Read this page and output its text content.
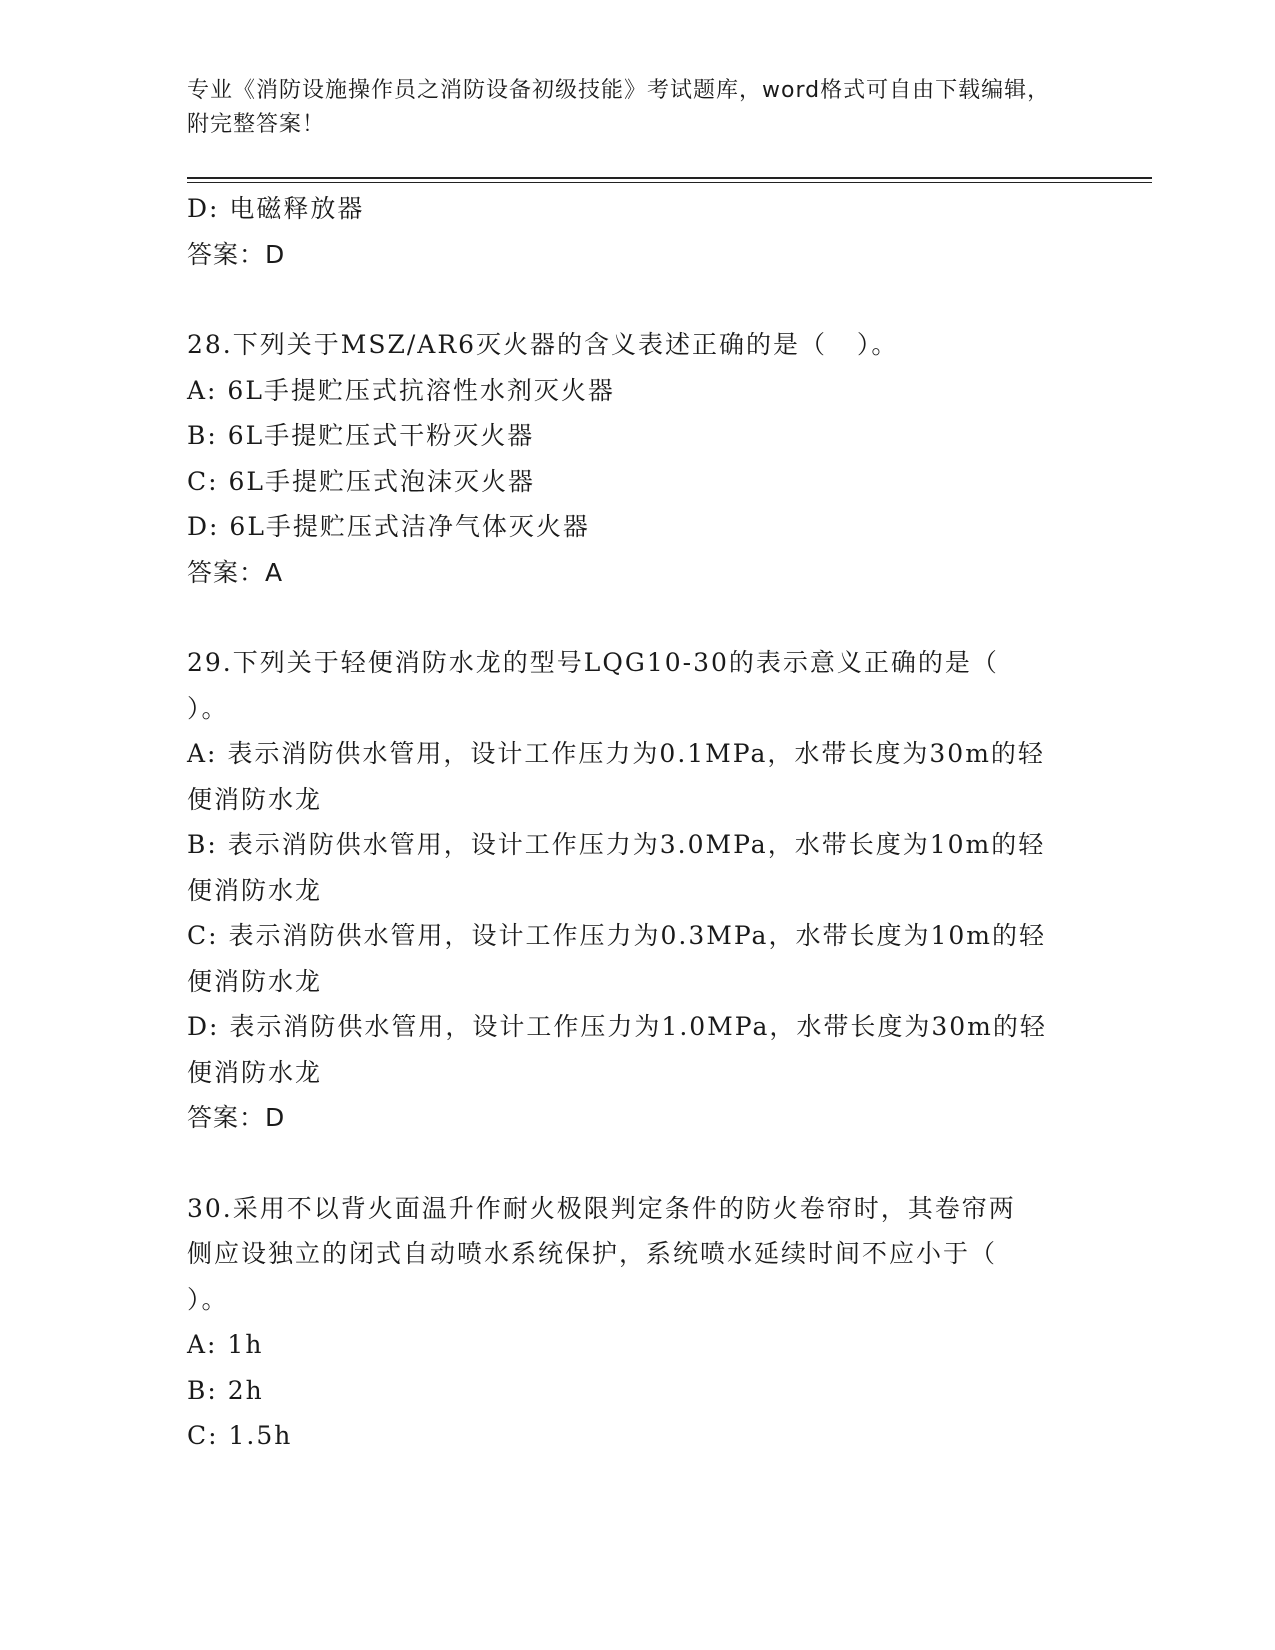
专业《消防设施操作员之消防设备初级技能》考试题库，word格式可自由下载编辑，附完整答案！
D: 电磁释放器
答案：D
28.下列关于MSZ/AR6灭火器的含义表述正确的是（   ）。
A: 6L手提贮压式抗溶性水剂灭火器
B: 6L手提贮压式干粉灭火器
C: 6L手提贮压式泡沫灭火器
D: 6L手提贮压式洁净气体灭火器
答案：A
29.下列关于轻便消防水龙的型号LQG10-30的表示意义正确的是（
）。
A: 表示消防供水管用，设计工作压力为0.1MPa，水带长度为30m的轻
便消防水龙
B: 表示消防供水管用，设计工作压力为3.0MPa，水带长度为10m的轻
便消防水龙
C: 表示消防供水管用，设计工作压力为0.3MPa，水带长度为10m的轻
便消防水龙
D: 表示消防供水管用，设计工作压力为1.0MPa，水带长度为30m的轻
便消防水龙
答案：D
30.采用不以背火面温升作耐火极限判定条件的防火卷帘时，其卷帘两
侧应设独立的闭式自动喷水系统保护，系统喷水延续时间不应小于（
）。
A: 1h
B: 2h
C: 1.5h
